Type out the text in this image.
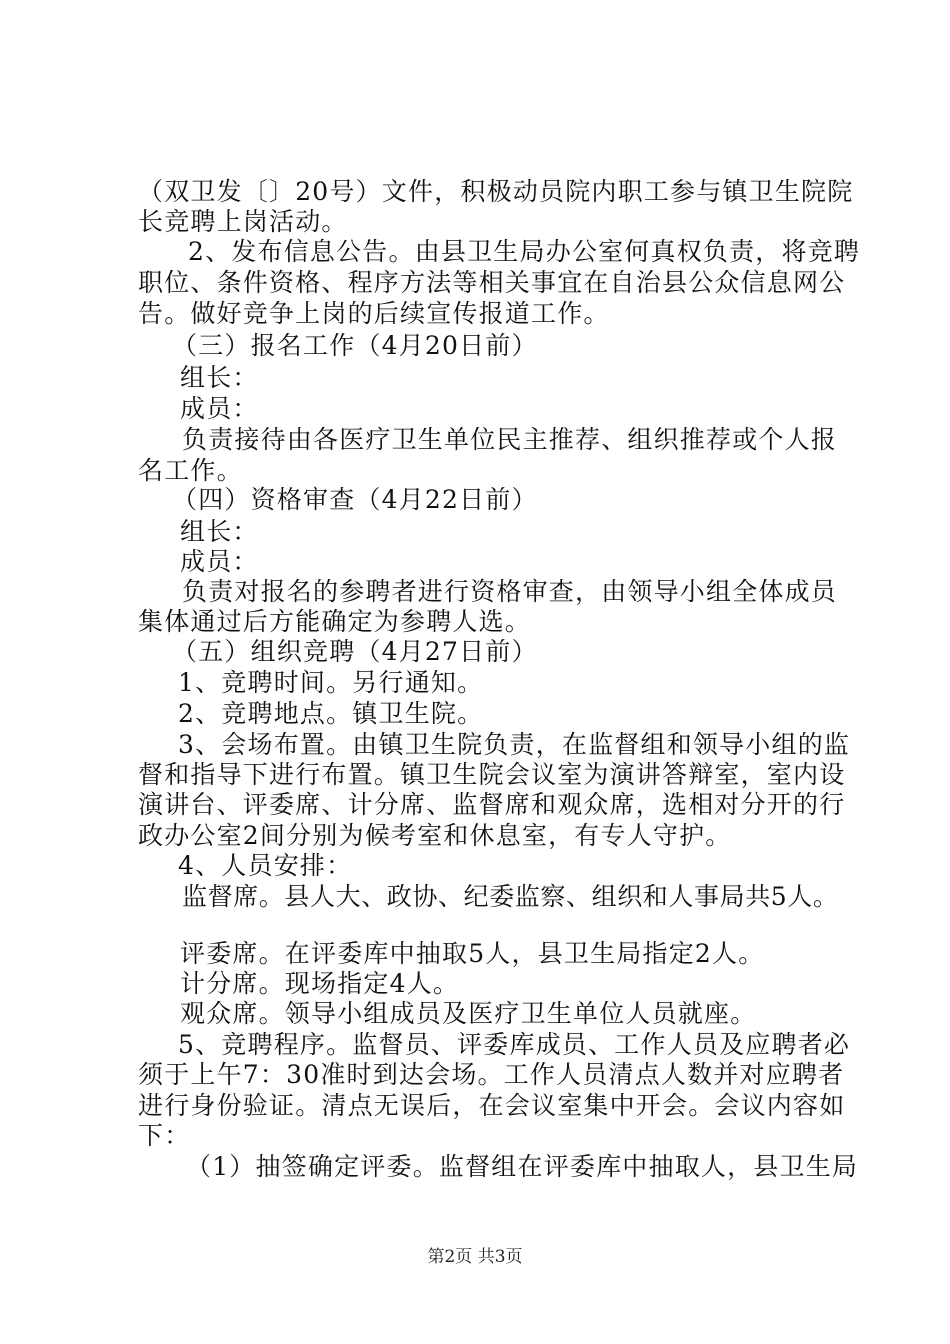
（双卫发〔〕20号）文件，积极动员院内职工参与镇卫生院院
长竞聘上岗活动。
2、发布信息公告。由县卫生局办公室何真权负责，将竞聘
职位、条件资格、程序方法等相关事宜在自治县公众信息网公
告。做好竞争上岗的后续宣传报道工作。
（三）报名工作（4月20日前）
组长：
成员：
负责接待由各医疗卫生单位民主推荐、组织推荐或个人报
名工作。
（四）资格审查（4月22日前）
组长：
成员：
负责对报名的参聘者进行资格审查，由领导小组全体成员
集体通过后方能确定为参聘人选。
（五）组织竞聘（4月27日前）
1、竞聘时间。另行通知。
2、竞聘地点。镇卫生院。
3、会场布置。由镇卫生院负责，在监督组和领导小组的监
督和指导下进行布置。镇卫生院会议室为演讲答辩室，室内设
演讲台、评委席、计分席、监督席和观众席，选相对分开的行
政办公室2间分别为候考室和休息室，有专人守护。
4、人员安排：
监督席。县人大、政协、纪委监察、组织和人事局共5人。
评委席。在评委库中抽取5人，县卫生局指定2人。
计分席。现场指定4人。
观众席。领导小组成员及医疗卫生单位人员就座。
5、竞聘程序。监督员、评委库成员、工作人员及应聘者必
须于上午7：30准时到达会场。工作人员清点人数并对应聘者
进行身份验证。清点无误后，在会议室集中开会。会议内容如
下：
（1）抽签确定评委。监督组在评委库中抽取人，县卫生局
第2页 共3页
